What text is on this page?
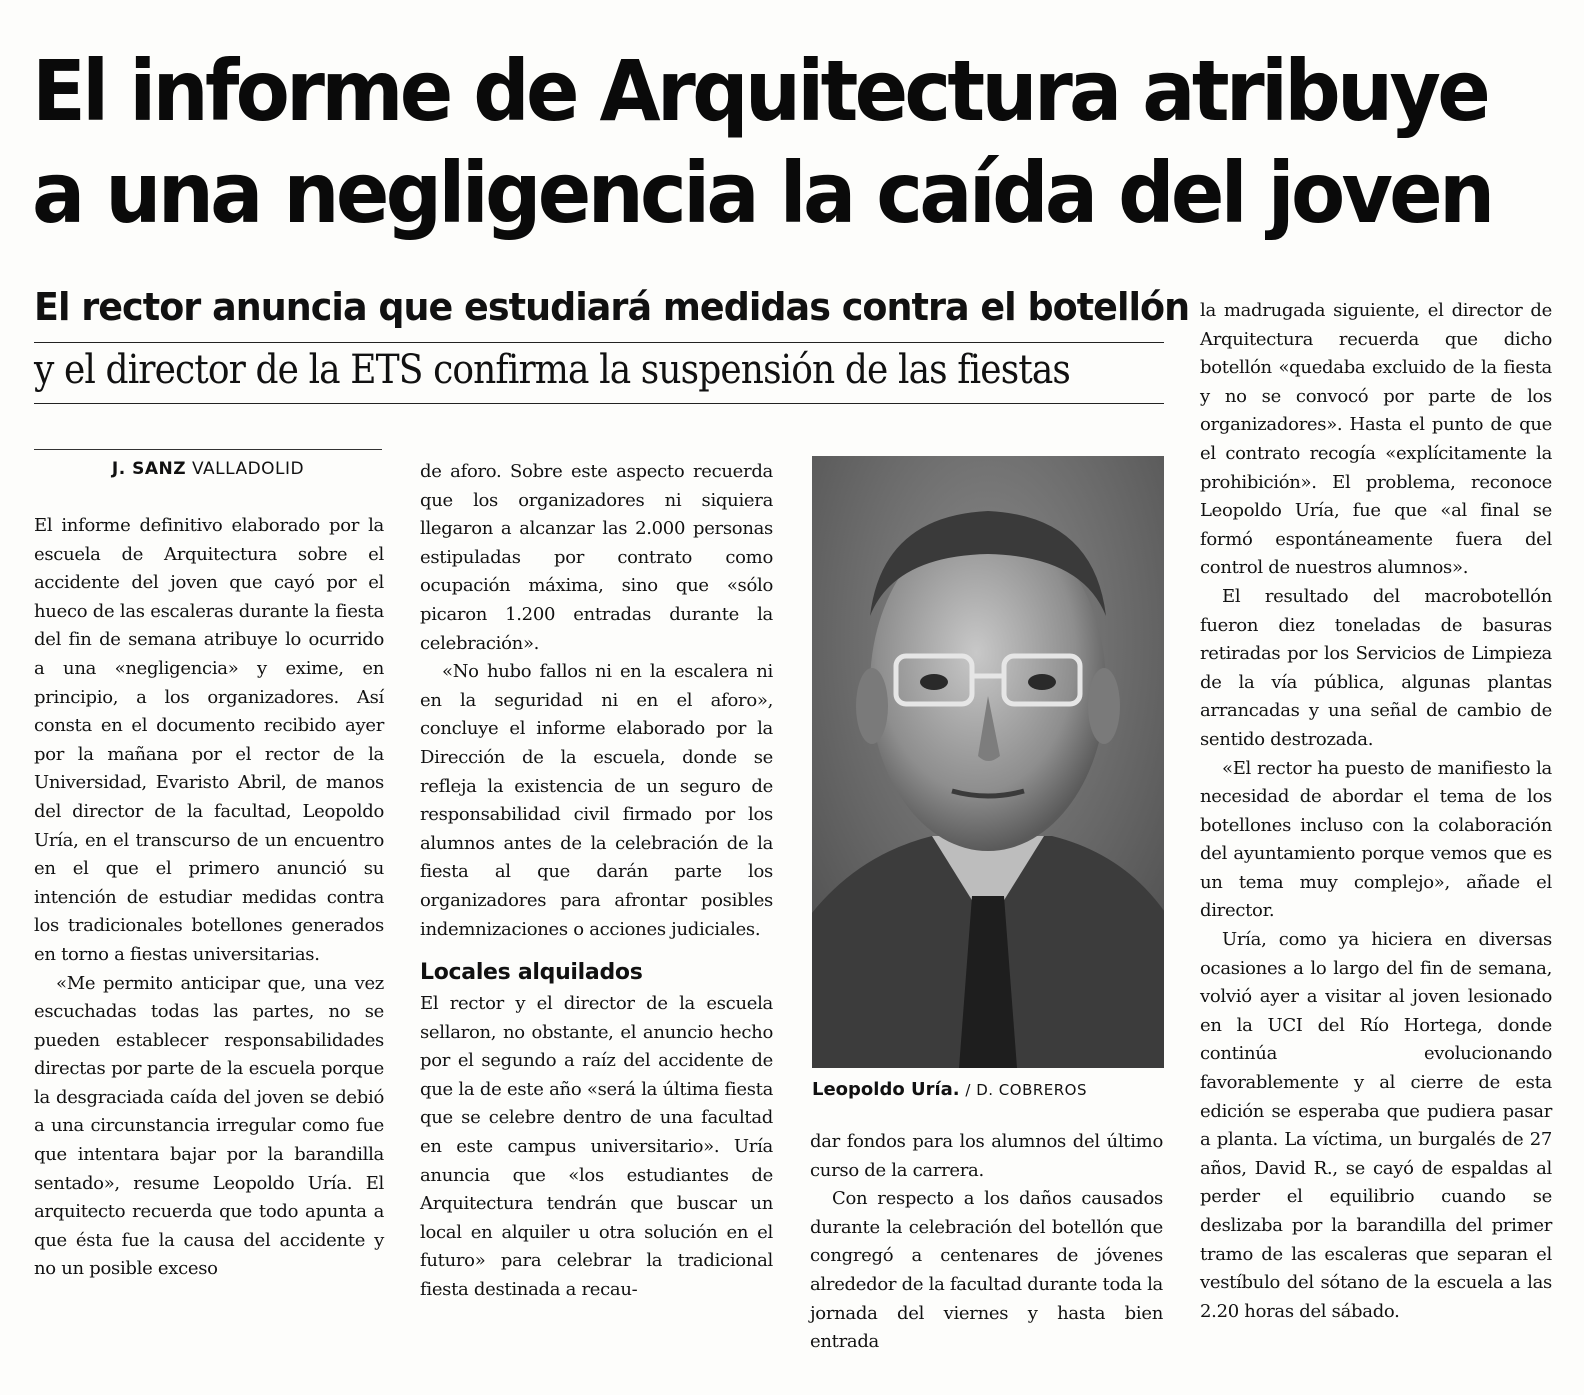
El informe de Arquitectura atribuye
a una negligencia la caída del joven
El rector anuncia que estudiará medidas contra el botellón
y el director de la ETS confirma la suspensión de las fiestas
J. SANZ VALLADOLID

El informe definitivo elaborado por la escuela de Arquitectura sobre el accidente del joven que cayó por el hueco de las escaleras durante la fiesta del fin de semana atribuye lo ocurrido a una «negligencia» y exime, en principio, a los organizadores. Así consta en el documento recibido ayer por la mañana por el rector de la Universidad, Evaristo Abril, de manos del director de la facultad, Leopoldo Uría, en el transcurso de un encuentro en el que el primero anunció su intención de estudiar medidas contra los tradicionales botellones generados en torno a fiestas universitarias.

«Me permito anticipar que, una vez escuchadas todas las partes, no se pueden establecer responsabilidades directas por parte de la escuela porque la desgraciada caída del joven se debió a una circunstancia irregular como fue que intentara bajar por la barandilla sentado», resume Leopoldo Uría. El arquitecto recuerda que todo apunta a que ésta fue la causa del accidente y no un posible exceso

de aforo. Sobre este aspecto recuerda que los organizadores ni siquiera llegaron a alcanzar las 2.000 personas estipuladas por contrato como ocupación máxima, sino que «sólo picaron 1.200 entradas durante la celebración».

«No hubo fallos ni en la escalera ni en la seguridad ni en el aforo», concluye el informe elaborado por la Dirección de la escuela, donde se refleja la existencia de un seguro de responsabilidad civil firmado por los alumnos antes de la celebración de la fiesta al que darán parte los organizadores para afrontar posibles indemnizaciones o acciones judiciales.

Locales alquilados

El rector y el director de la escuela sellaron, no obstante, el anuncio hecho por el segundo a raíz del accidente de que la de este año «será la última fiesta que se celebre dentro de una facultad en este campus universitario». Uría anuncia que «los estudiantes de Arquitectura tendrán que buscar un local en alquiler u otra solución en el futuro» para celebrar la tradicional fiesta destinada a recau-

Leopoldo Uría. / D. COBREROS

dar fondos para los alumnos del último curso de la carrera.

Con respecto a los daños causados durante la celebración del botellón que congregó a centenares de jóvenes alrededor de la facultad durante toda la jornada del viernes y hasta bien entrada

la madrugada siguiente, el director de Arquitectura recuerda que dicho botellón «quedaba excluido de la fiesta y no se convocó por parte de los organizadores». Hasta el punto de que el contrato recogía «explícitamente la prohibición». El problema, reconoce Leopoldo Uría, fue que «al final se formó espontáneamente fuera del control de nuestros alumnos».

El resultado del macrobotellón fueron diez toneladas de basuras retiradas por los Servicios de Limpieza de la vía pública, algunas plantas arrancadas y una señal de cambio de sentido destrozada.

«El rector ha puesto de manifiesto la necesidad de abordar el tema de los botellones incluso con la colaboración del ayuntamiento porque vemos que es un tema muy complejo», añade el director.

Uría, como ya hiciera en diversas ocasiones a lo largo del fin de semana, volvió ayer a visitar al joven lesionado en la UCI del Río Hortega, donde continúa evolucionando favorablemente y al cierre de esta edición se esperaba que pudiera pasar a planta. La víctima, un burgalés de 27 años, David R., se cayó de espaldas al perder el equilibrio cuando se deslizaba por la barandilla del primer tramo de las escaleras que separan el vestíbulo del sótano de la escuela a las 2.20 horas del sábado.
